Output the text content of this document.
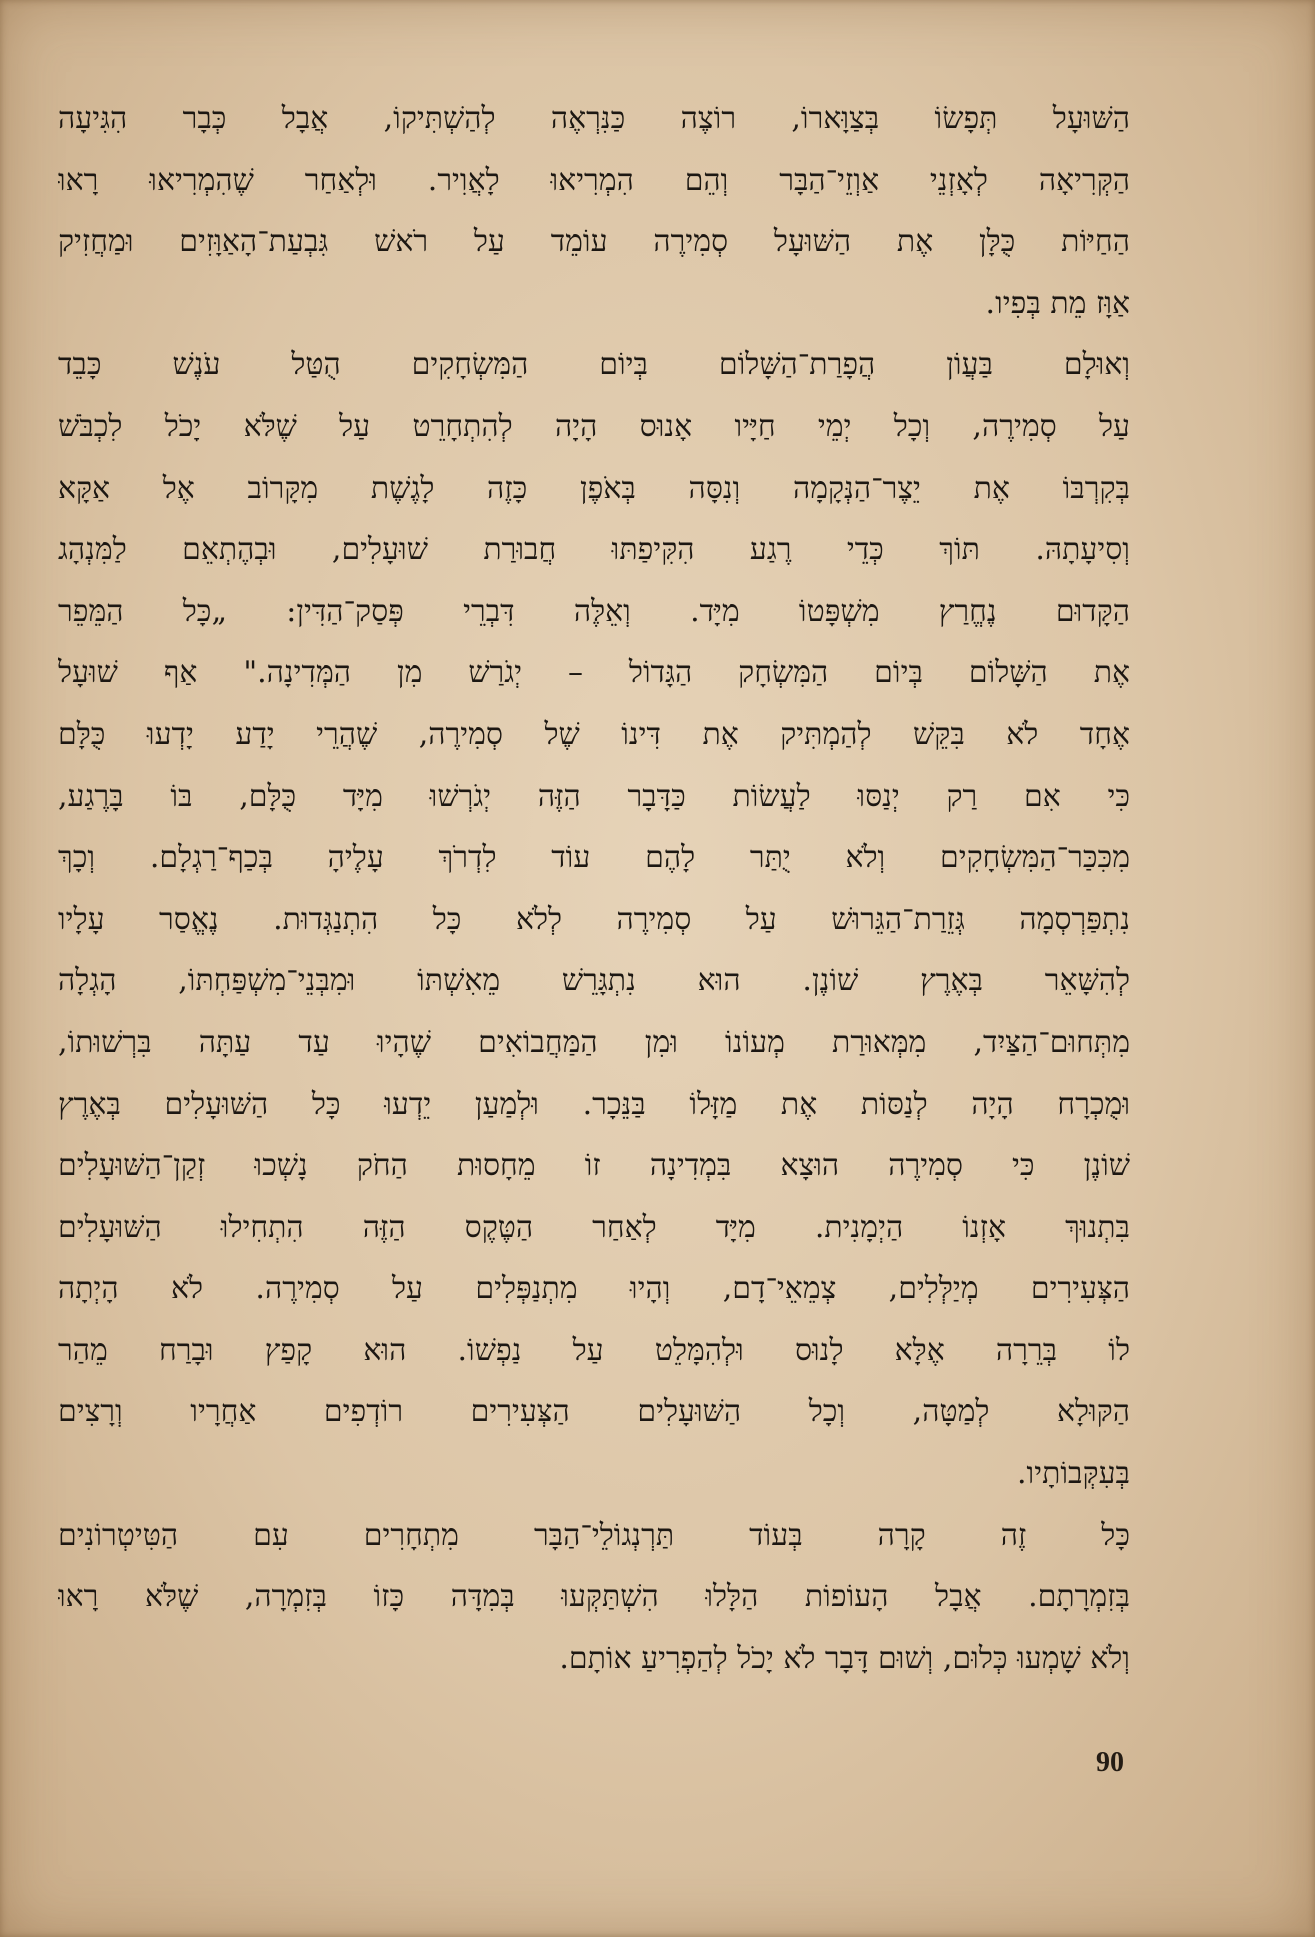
הַשּׁוּעָל תְּפָשׂוֹ בְּצַוָּארוֹ, רוֹצֶה כַּנִּרְאֶה לְהַשְׁתִּיקוֹ, אֲבָל כְּבָר הִגִּיעָה
הַקְּרִיאָה לְאָזְנֵי אַוְזֵי־הַבָּר וְהֵם הִמְרִיאוּ לָאֲוִיר. וּלְאַחַר שֶׁהִמְרִיאוּ רָאוּ
הַחַיּוֹת כֻּלָּן אֶת הַשּׁוּעָל סְמִירֶה עוֹמֵד עַל רֹאשׁ גִּבְעַת־הָאַוָּזִים וּמַחֲזִיק
אַוָּז מֵת בְּפִיו.
וְאוּלָם בַּעֲוֹן הֲפָרַת־הַשָּׁלוֹם בְּיוֹם הַמִּשְׂחָקִים הֻטַּל עֹנֶשׁ כָּבֵד
עַל סְמִירֶה, וְכָל יְמֵי חַיָּיו אָנוּס הָיָה לְהִתְחָרֵט עַל שֶׁלֹּא יָכֹל לִכְבֹּשׁ
בְּקִרְבּוֹ אֶת יֵצֶר־הַנְּקָמָה וְנִסָּה בְּאֹפֶן כָּזֶה לָגֶשֶׁת מִקָּרוֹב אֶל אַקָּא
וְסִיעָתָהּ. תּוֹךְ כְּדֵי רֶגַע הִקִּיפַתּוּ חֲבוּרַת שׁוּעָלִים, וּבְהֶתְאֵם לַמִּנְהָג
הַקָּדוּם נֶחֱרַץ מִשְׁפָּטוֹ מִיָּד. וְאֵלֶּה דִּבְרֵי פְּסַק־הַדִּין: „כָּל הַמֵּפֵר
אֶת הַשָּׁלוֹם בְּיוֹם הַמִּשְׂחָק הַגָּדוֹל – יְגֹרַשׁ מִן הַמְּדִינָה." אַף שׁוּעָל
אֶחָד לֹא בִּקֵּשׁ לְהַמְתִּיק אֶת דִּינוֹ שֶׁל סְמִירֶה, שֶׁהֲרֵי יָדַע יָדְעוּ כֻּלָּם
כִּי אִם רַק יְנַסּוּ לַעֲשׂוֹת כַּדָּבָר הַזֶּה יְגֹרְשׁוּ מִיָּד כֻּלָּם, בּוֹ בָּרֶגַע,
מִכִּכַּר־הַמִּשְׂחָקִים וְלֹא יֻתַּר לָהֶם עוֹד לִדְרֹךְ עָלֶיהָ בְּכַף־רַגְלָם. וְכָךְ
נִתְפַּרְסְמָה גְּזֵרַת־הַגֵּרוּשׁ עַל סְמִירֶה לְלֹא כָּל הִתְנַגְּדוּת. נֶאֱסַר עָלָיו
לְהִשָּׁאֵר בְּאֶרֶץ שׁוֹנֶן. הוּא נִתְגָּרֵשׁ מֵאִשְׁתּוֹ וּמִבְּנֵי־מִשְׁפַּחְתּוֹ, הָגְלָה
מִתְּחוּם־הַצַּיִד, מִמְּאוּרַת מְעוֹנוֹ וּמִן הַמַּחֲבוֹאִים שֶׁהָיוּ עַד עַתָּה בִּרְשׁוּתוֹ,
וּמֻכְרָח הָיָה לְנַסּוֹת אֶת מַזָּלוֹ בַּנֵּכָר. וּלְמַעַן יֵדְעוּ כָּל הַשּׁוּעָלִים בְּאֶרֶץ
שׁוֹנֶן כִּי סְמִירֶה הוּצָא בִּמְדִינָה זוֹ מֵחָסוּת הַחֹק נָשְׁכוּ זְקַן־הַשּׁוּעָלִים
בִּתְנוּךְ אָזְנוֹ הַיְמָנִית. מִיָּד לְאַחַר הַטֶּקֶס הַזֶּה הִתְחִילוּ הַשּׁוּעָלִים
הַצְּעִירִים מְיַלְּלִים, צְמֵאֵי־דָם, וְהָיוּ מִתְנַפְּלִים עַל סְמִירֶה. לֹא הָיְתָה
לוֹ בְּרֵרָה אֶלָּא לָנוּס וּלְהִמָּלֵט עַל נַפְשׁוֹ. הוּא קָפַץ וּבָרַח מֵהַר
הַקּוּלָא לְמַטָּה, וְכָל הַשּׁוּעָלִים הַצְּעִירִים רוֹדְפִים אַחֲרָיו וְרָצִים
בְּעִקְּבוֹתָיו.
כָּל זֶה קָרָה בְּעוֹד תַּרְנְגוֹלֵי־הַבָּר מִתְחָרִים עִם הַטִּיטְרוֹנִים
בְּזִמְרָתָם. אֲבָל הָעוֹפוֹת הַלָּלוּ הִשְׁתַּקְּעוּ בְּמִדָּה כָּזוֹ בְּזִמְרָה, שֶׁלֹּא רָאוּ
וְלֹא שָׁמְעוּ כְּלוּם, וְשׁוּם דָּבָר לֹא יָכֹל לְהַפְרִיעַ אוֹתָם.
90
